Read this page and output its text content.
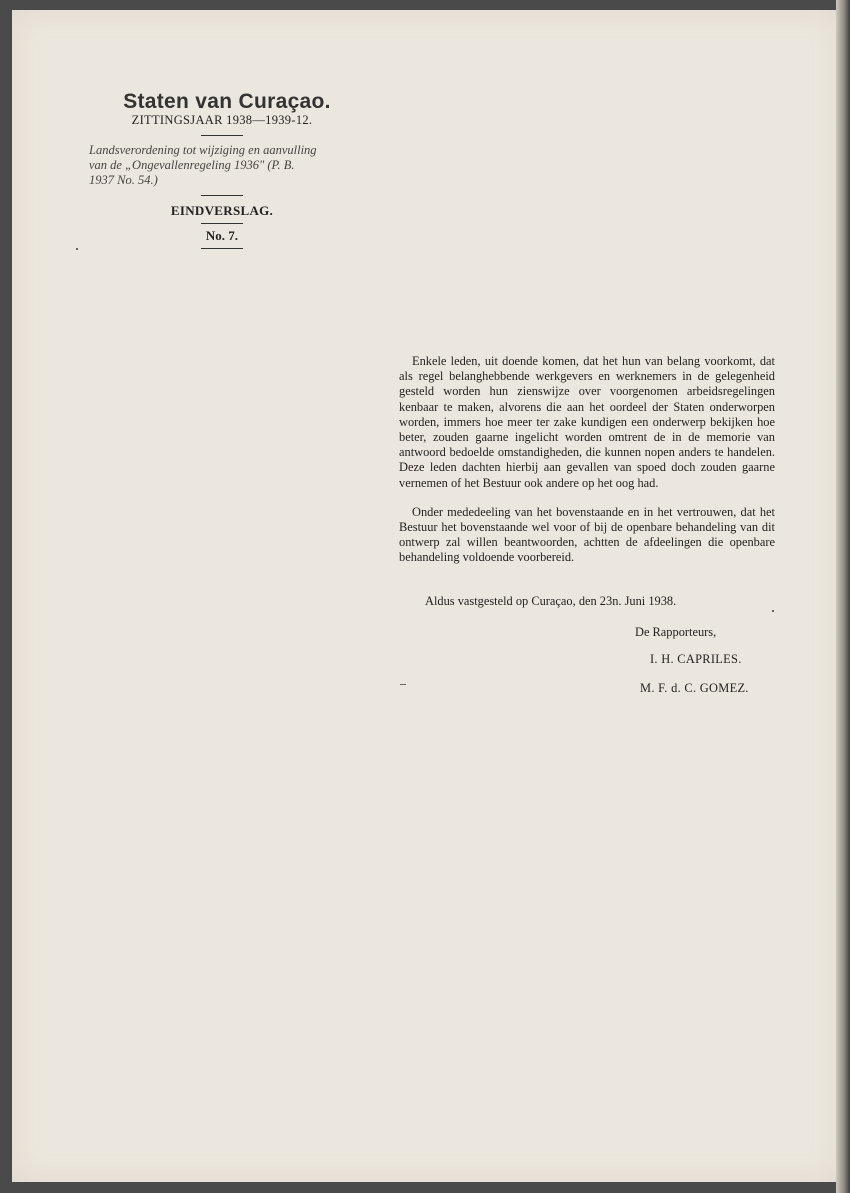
Staten van Curaçao.
ZITTINGSJAAR 1938—1939-12.
Landsverordening tot wijziging en aanvulling
van de „Ongevallenregeling 1936" (P. B.
1937 No. 54.)
EINDVERSLAG.
No. 7.

Enkele leden, uit doende komen, dat het hun van belang voorkomt, dat als regel belanghebbende werkgevers en werknemers in de gelegenheid gesteld worden hun zienswijze over voorgenomen arbeidsregelingen kenbaar te maken, alvorens die aan het oordeel der Staten onderworpen worden, immers hoe meer ter zake kundigen een onderwerp bekijken hoe beter, zouden gaarne ingelicht worden omtrent de in de memorie van antwoord bedoelde omstandigheden, die kunnen nopen anders te handelen. Deze leden dachten hierbij aan gevallen van spoed doch zouden gaarne vernemen of het Bestuur ook andere op het oog had.

Onder mededeeling van het bovenstaande en in het vertrouwen, dat het Bestuur het bovenstaande wel voor of bij de openbare behandeling van dit ontwerp zal willen beantwoorden, achtten de afdeelingen die openbare behandeling voldoende voorbereid.

Aldus vastgesteld op Curaçao, den 23n. Juni 1938.
De Rapporteurs,
I. H. CAPRILES.
M. F. d. C. GOMEZ.
